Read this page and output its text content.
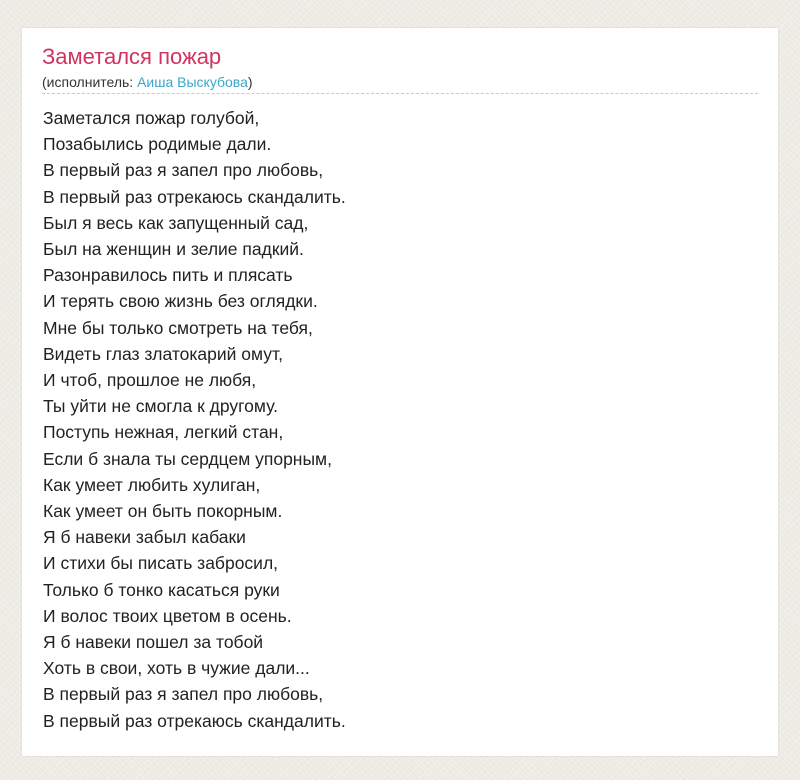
Заметался пожар
(исполнитель: Аиша Выскубова)
Заметался пожар голубой,
Позабылись родимые дали.
В первый раз я запел про любовь,
В первый раз отрекаюсь скандалить.
Был я весь как запущенный сад,
Был на женщин и зелие падкий.
Разонравилось пить и плясать
И терять свою жизнь без оглядки.
Мне бы только смотреть на тебя,
Видеть глаз златокарий омут,
И чтоб, прошлое не любя,
Ты уйти не смогла к другому.
Поступь нежная, легкий стан,
Если б знала ты сердцем упорным,
Как умеет любить хулиган,
Как умеет он быть покорным.
Я б навеки забыл кабаки
И стихи бы писать забросил,
Только б тонко касаться руки
И волос твоих цветом в осень.
Я б навеки пошел за тобой
Хоть в свои, хоть в чужие дали...
В первый раз я запел про любовь,
В первый раз отрекаюсь скандалить.
